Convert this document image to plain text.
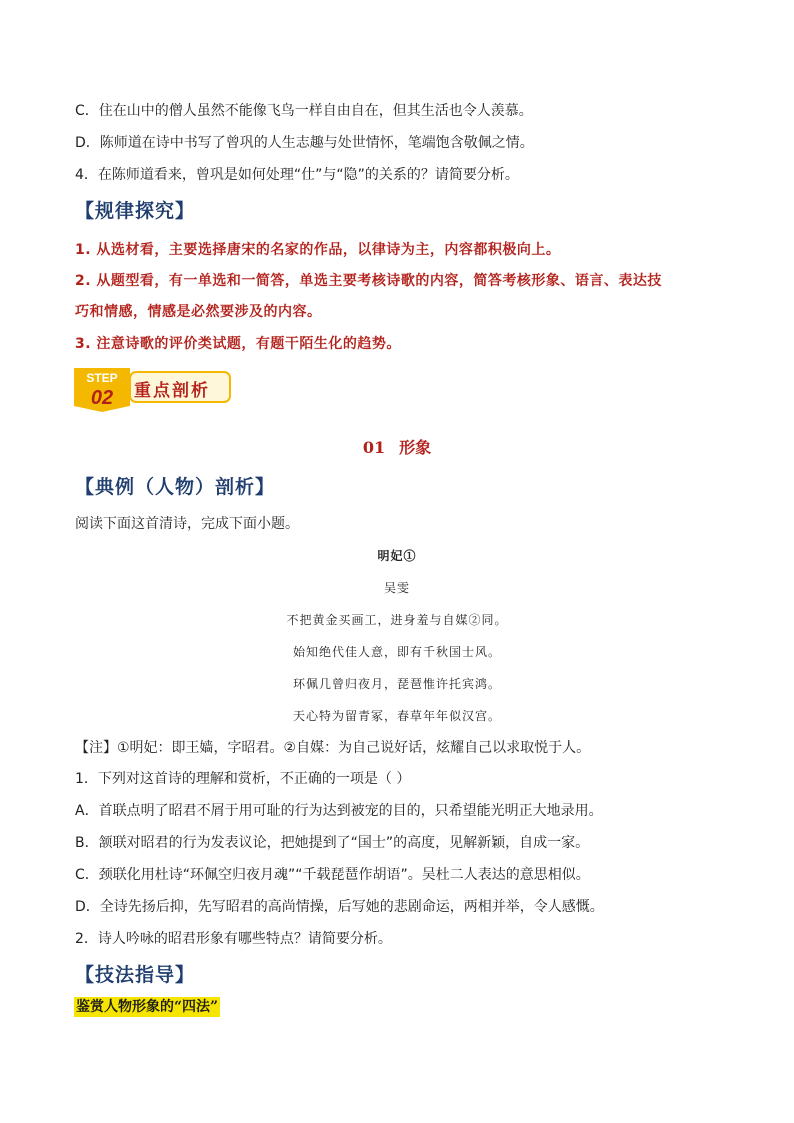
C．住在山中的僧人虽然不能像飞鸟一样自由自在，但其生活也令人羡慕。
D．陈师道在诗中书写了曾巩的人生志趣与处世情怀，笔端饱含敬佩之情。
4．在陈师道看来，曾巩是如何处理“仕”与“隐”的关系的？请简要分析。
【规律探究】
1. 从选材看，主要选择唐宋的名家的作品，以律诗为主，内容都积极向上。
2. 从题型看，有一单选和一简答，单选主要考核诗歌的内容，简答考核形象、语言、表达技
巧和情感，情感是必然要涉及的内容。
3. 注意诗歌的评价类试题，有题干陌生化的趋势。
STEP
02 重点剖析
01 形象
【典例（人物）剖析】
阅读下面这首清诗，完成下面小题。
明妃①
吴雯
不把黄金买画工，进身羞与自媒②同。
始知绝代佳人意，即有千秋国士风。
环佩几曾归夜月，琵琶惟许托宾鸿。
天心特为留青冢，春草年年似汉宫。
【注】①明妃：即王嫱，字昭君。②自媒：为自己说好话，炫耀自己以求取悦于人。
1．下列对这首诗的理解和赏析，不正确的一项是（ ）
A．首联点明了昭君不屑于用可耻的行为达到被宠的目的，只希望能光明正大地录用。
B．颔联对昭君的行为发表议论，把她提到了“国士”的高度，见解新颖，自成一家。
C．颈联化用杜诗“环佩空归夜月魂”“千载琵琶作胡语”。吴杜二人表达的意思相似。
D．全诗先扬后抑，先写昭君的高尚情操，后写她的悲剧命运，两相并举，令人感慨。
2．诗人吟咏的昭君形象有哪些特点？请简要分析。
【技法指导】
鉴赏人物形象的“四法”
